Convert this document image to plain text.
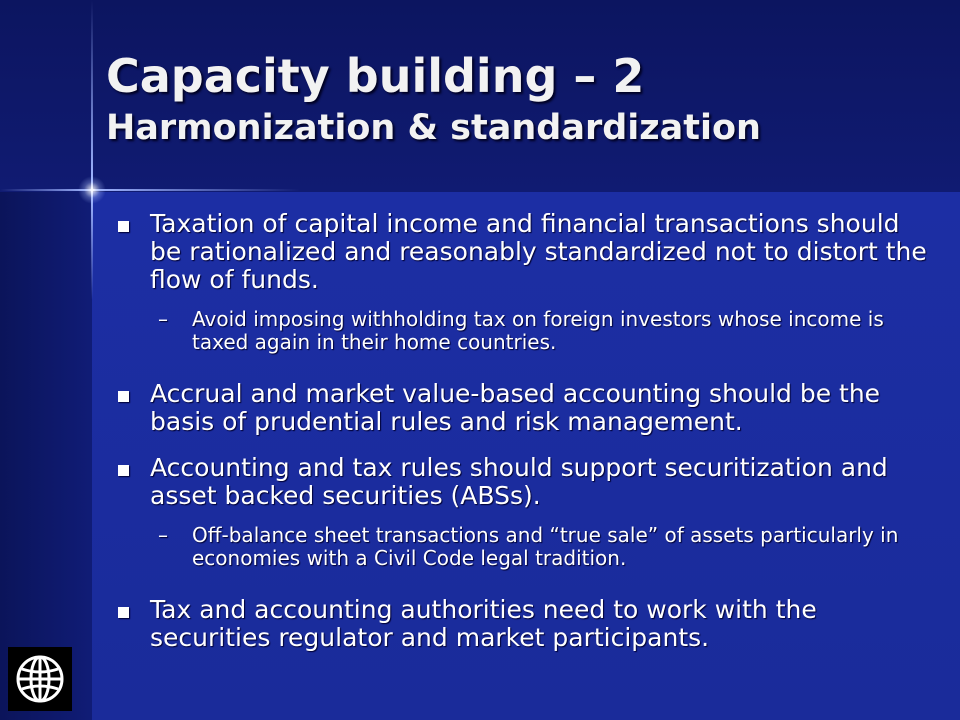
Capacity building – 2
Harmonization & standardization
Taxation of capital income and financial transactions should be rationalized and reasonably standardized not to distort the flow of funds.
– Avoid imposing withholding tax on foreign investors whose income is taxed again in their home countries.
Accrual and market value-based accounting should be the basis of prudential rules and risk management.
Accounting and tax rules should support securitization and asset backed securities (ABSs).
– Off-balance sheet transactions and “true sale” of assets particularly in economies with a Civil Code legal tradition.
Tax and accounting authorities need to work with the securities regulator and market participants.
